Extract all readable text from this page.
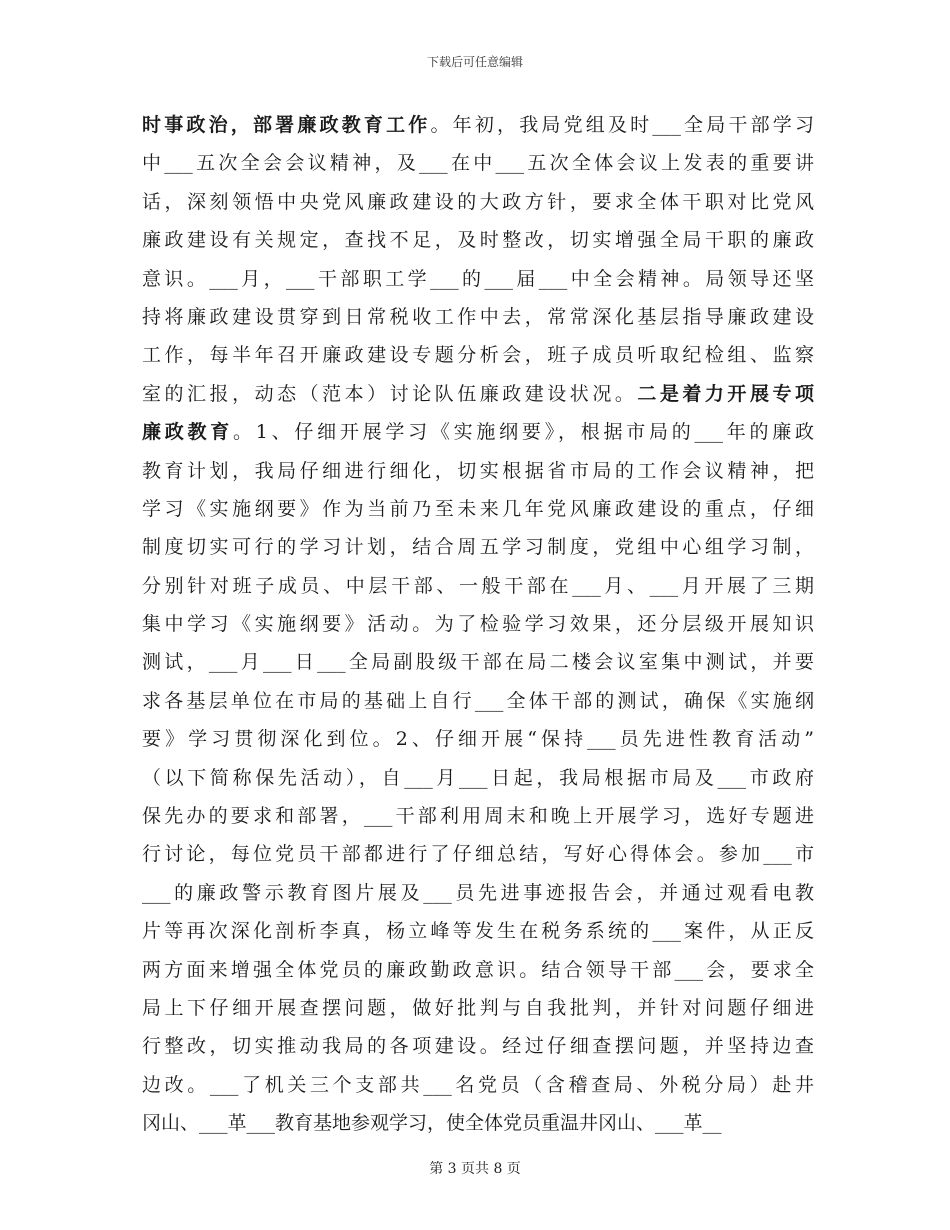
下载后可任意编辑
时事政治，部署廉政教育工作。年初，我局党组及时___全局干部学习
中___五次全会会议精神，及___在中___五次全体会议上发表的重要讲
话，深刻领悟中央党风廉政建设的大政方针，要求全体干职对比党风
廉政建设有关规定，查找不足，及时整改，切实增强全局干职的廉政
意识。___月，___干部职工学___的___届___中全会精神。局领导还坚
持将廉政建设贯穿到日常税收工作中去，常常深化基层指导廉政建设
工作，每半年召开廉政建设专题分析会，班子成员听取纪检组、监察
室的汇报，动态（范本）讨论队伍廉政建设状况。二是着力开展专项
廉政教育。1、仔细开展学习《实施纲要》，根据市局的___年的廉政
教育计划，我局仔细进行细化，切实根据省市局的工作会议精神，把
学习《实施纲要》作为当前乃至未来几年党风廉政建设的重点，仔细
制度切实可行的学习计划，结合周五学习制度，党组中心组学习制，
分别针对班子成员、中层干部、一般干部在___月、___月开展了三期
集中学习《实施纲要》活动。为了检验学习效果，还分层级开展知识
测试，___月___日___全局副股级干部在局二楼会议室集中测试，并要
求各基层单位在市局的基础上自行___全体干部的测试，确保《实施纲
要》学习贯彻深化到位。2、仔细开展“保持___员先进性教育活动”
（以下简称保先活动），自___月___日起，我局根据市局及___市政府
保先办的要求和部署，___干部利用周末和晚上开展学习，选好专题进
行讨论，每位党员干部都进行了仔细总结，写好心得体会。参加___市
___的廉政警示教育图片展及___员先进事迹报告会，并通过观看电教
片等再次深化剖析李真，杨立峰等发生在税务系统的___案件，从正反
两方面来增强全体党员的廉政勤政意识。结合领导干部___会，要求全
局上下仔细开展查摆问题，做好批判与自我批判，并针对问题仔细进
行整改，切实推动我局的各项建设。经过仔细查摆问题，并坚持边查
边改。___了机关三个支部共___名党员（含稽查局、外税分局）赴井
冈山、___革___教育基地参观学习，使全体党员重温井冈山、___革__
第 3 页共 8 页
